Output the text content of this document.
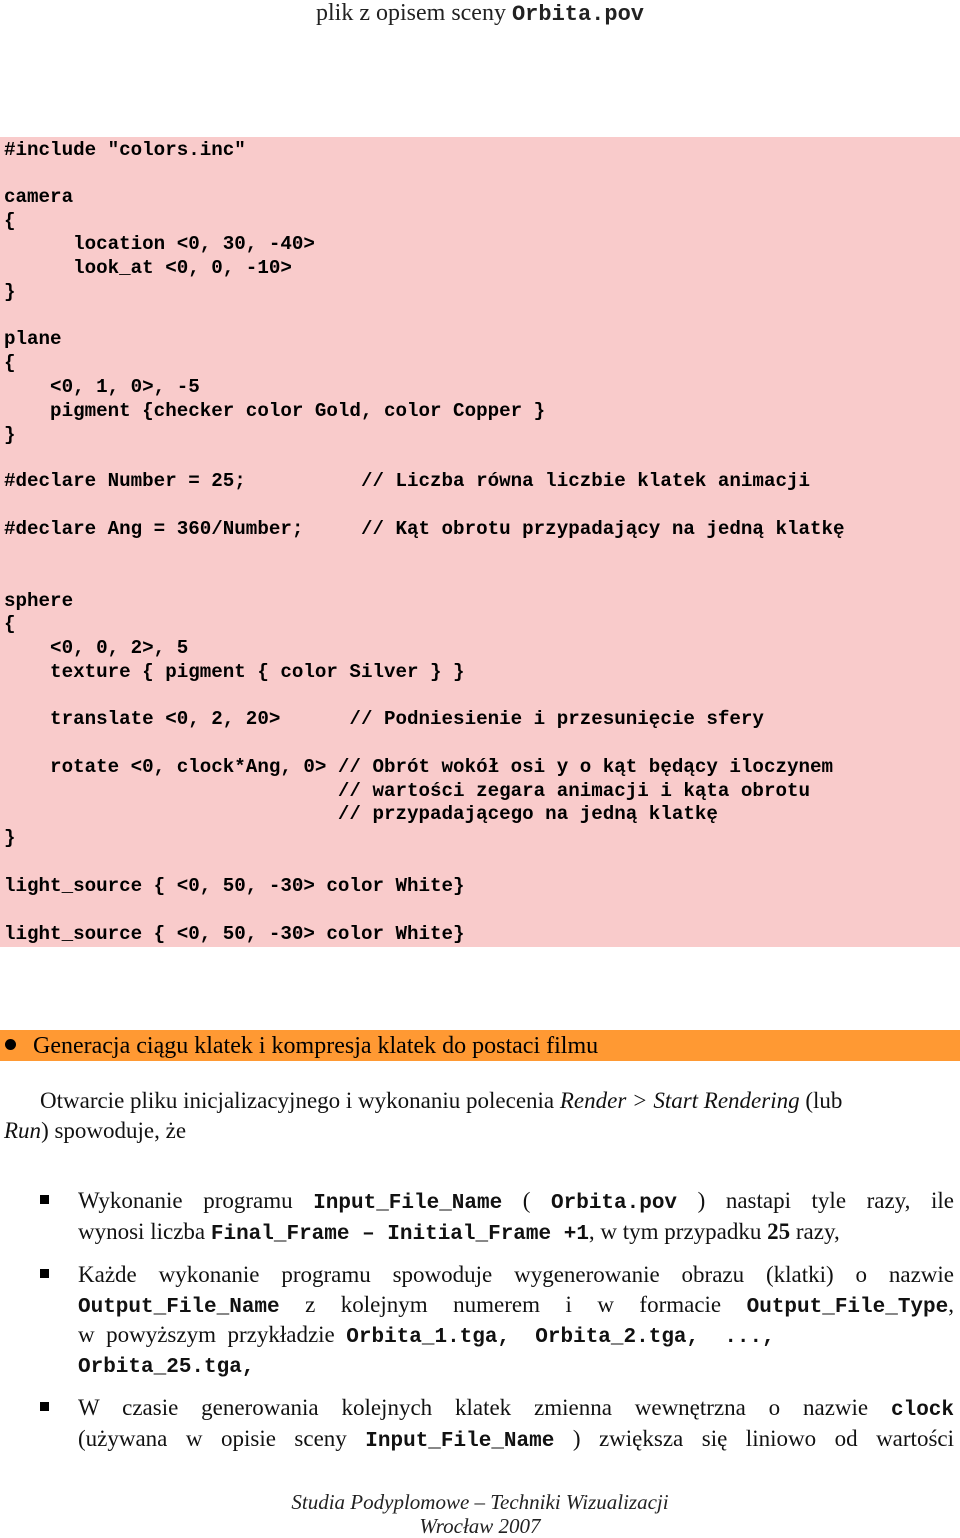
plik z opisem sceny Orbita.pov
#include "colors.inc"
camera
{
location <0, 30, -40>
look_at <0, 0, -10>
}
plane
{
<0, 1, 0>, -5
pigment {checker color Gold, color Copper }
}
#declare Number = 25;          // Liczba równa liczbie klatek animacji
#declare Ang = 360/Number;     // Kąt obrotu przypadający na jedną klatkę
sphere
{
<0, 0, 2>, 5
texture { pigment { color Silver } }
translate <0, 2, 20>      // Podniesienie i przesunięcie sfery
rotate <0, clock*Ang, 0> // Obrót wokół osi y o kąt będący iloczynem
// wartości zegara animacji i kąta obrotu
// przypadającego na jedną klatkę
}
light_source { <0, 50, -30> color White}
light_source { <0, 50, -30> color White}
Generacja ciągu klatek i kompresja klatek do postaci filmu
Otwarcie pliku inicjalizacyjnego i wykonaniu polecenia Render > Start Rendering (lub
Run) spowoduje, że
Wykonanie programu Input_File_Name ( Orbita.pov ) nastapi tyle razy, ile
wynosi liczba Final_Frame – Initial_Frame +1, w tym przypadku 25 razy,
Każde wykonanie programu spowoduje wygenerowanie obrazu (klatki) o nazwie
Output_File_Name z kolejnym numerem i w formacie Output_File_Type,
w  powyższym  przykładzie  Orbita_1.tga,  Orbita_2.tga,  ...,
Orbita_25.tga,
W czasie generowania kolejnych klatek zmienna wewnętrzna o nazwie clock
(używana w opisie sceny Input_File_Name ) zwiększa się liniowo od wartości
Studia Podyplomowe – Techniki Wizualizacji
Wrocław 2007
